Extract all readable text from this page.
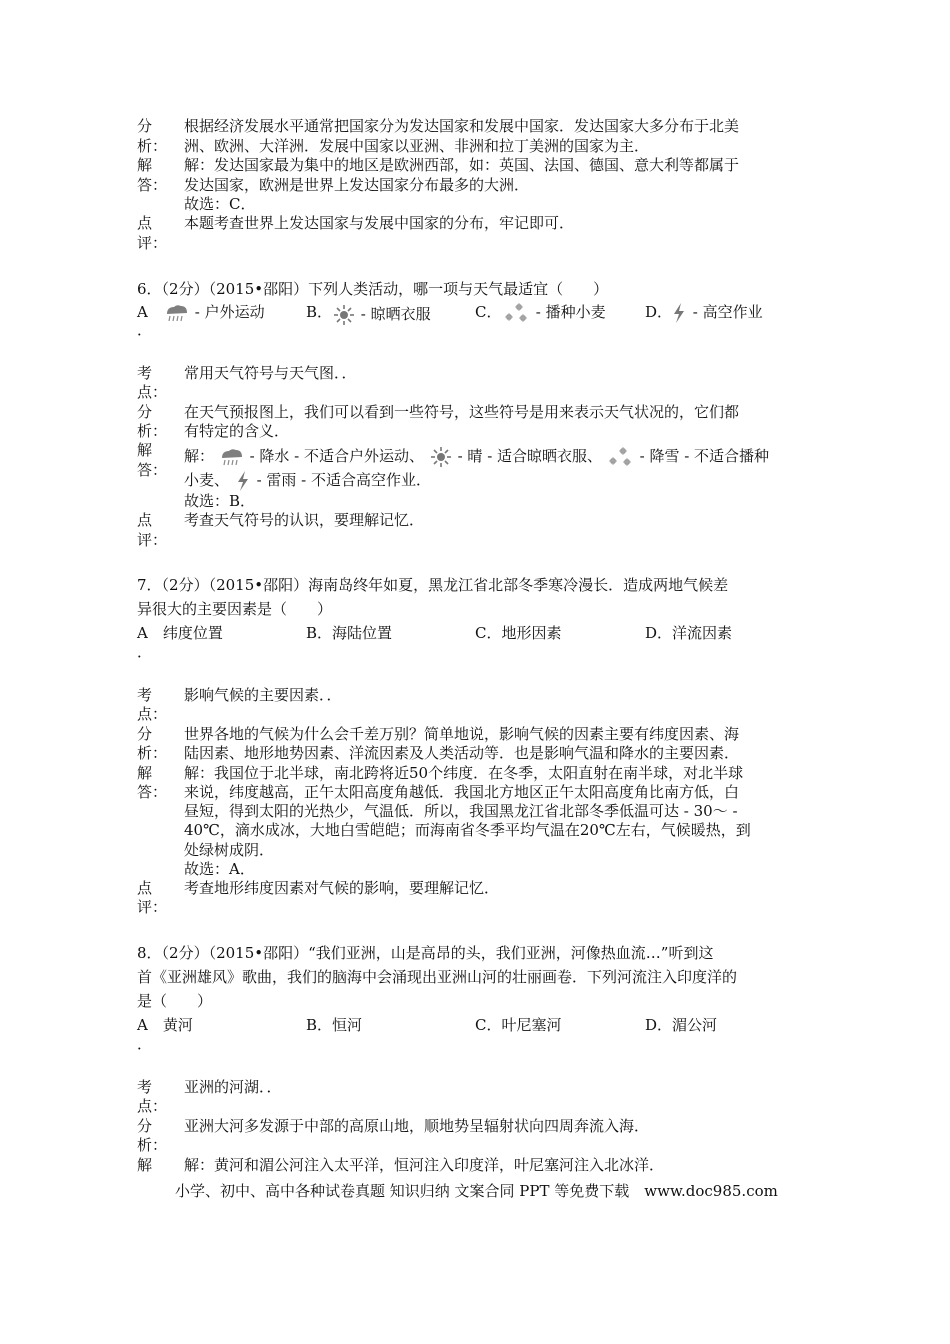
分
析：
根据经济发展水平通常把国家分为发达国家和发展中国家．发达国家大多分布于北美
洲、欧洲、大洋洲．发展中国家以亚洲、非洲和拉丁美洲的国家为主．
解
答：
解：发达国家最为集中的地区是欧洲西部，如：英国、法国、德国、意大利等都属于
发达国家，欧洲是世界上发达国家分布最多的大洲．
故选：C．
点
评：
本题考查世界上发达国家与发展中国家的分布，牢记即可．
6．（2分）（2015•邵阳）下列人类活动，哪一项与天气最适宜（　　）
A
．
- 户外运动	B．	- 晾晒衣服	C．	- 播种小麦	D．	- 高空作业
考
点：
常用天气符号与天气图．．
分
析：
在天气预报图上，我们可以看到一些符号，这些符号是用来表示天气状况的，它们都
有特定的含义．
解
答：
解： - 降水 - 不适合户外运动、 - 晴 - 适合晾晒衣服、	- 降雪 - 不适合播种
小麦、 - 雷雨 - 不适合高空作业．
故选：B．
点
评：
考查天气符号的认识，要理解记忆．
7．（2分）（2015•邵阳）海南岛终年如夏，黑龙江省北部冬季寒冷漫长．造成两地气候差
异很大的主要因素是（　　）
A　纬度位置	B．海陆位置	C．地形因素	D．洋流因素
．
考
点：
影响气候的主要因素．．
分
析：
世界各地的气候为什么会千差万别？简单地说，影响气候的因素主要有纬度因素、海
陆因素、地形地势因素、洋流因素及人类活动等．也是影响气温和降水的主要因素．
解
答：
解：我国位于北半球，南北跨将近50个纬度．在冬季，太阳直射在南半球，对北半球
来说，纬度越高，正午太阳高度角越低．我国北方地区正午太阳高度角比南方低，白
昼短，得到太阳的光热少，气温低．所以，我国黑龙江省北部冬季低温可达 - 30～ -
40℃，滴水成冰，大地白雪皑皑；而海南省冬季平均气温在20℃左右，气候暖热，到
处绿树成阴．
故选：A．
点
评：
考查地形纬度因素对气候的影响，要理解记忆．
8．（2分）（2015•邵阳）“我们亚洲，山是高昂的头，我们亚洲，河像热血流…”听到这
首《亚洲雄风》歌曲，我们的脑海中会涌现出亚洲山河的壮丽画卷．下列河流注入印度洋的
是（　　）
A　黄河	B．恒河	C．叶尼塞河	D．湄公河
．
考
点：
亚洲的河湖．．
分
析：
亚洲大河多发源于中部的高原山地，顺地势呈辐射状向四周奔流入海．
解 解：黄河和湄公河注入太平洋，恒河注入印度洋，叶尼塞河注入北冰洋．
小学、初中、高中各种试卷真题 知识归纳 文案合同 PPT 等免费下载　www.doc985.com
